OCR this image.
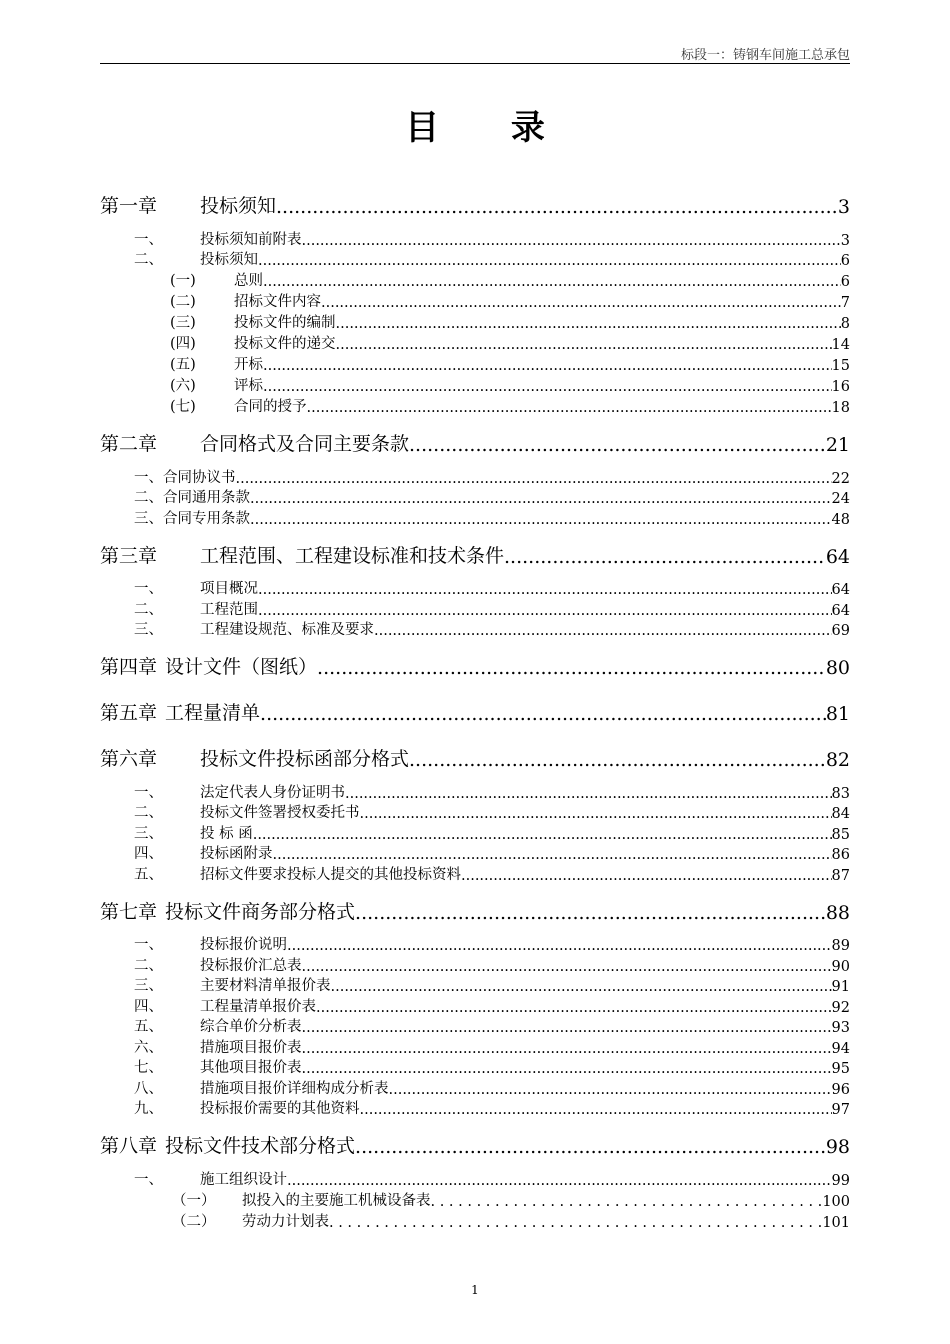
标段一：铸钢车间施工总承包
目 录
第一章	投标须知 .....	3
一、	投标须知前附表 .....	3
二、	投标须知 .....	6
(一)	总则 .....	6
(二)	招标文件内容 .....	7
(三)	投标文件的编制 .....	8
(四)	投标文件的递交 .....	14
(五)	开标 .....	15
(六)	评标 .....	16
(七)	合同的授予 .....	18
第二章	合同格式及合同主要条款 .....	21
一、 合同协议书 .....	22
二、 合同通用条款 .....	24
三、 合同专用条款 .....	48
第三章	工程范围、工程建设标准和技术条件 .....	64
一、	项目概况 .....	64
二、	工程范围 .....	64
三、	工程建设规范、标准及要求 .....	69
第四章 设计文件（图纸） .....	80
第五章 工程量清单 .....	81
第六章	投标文件投标函部分格式 .....	82
一、	法定代表人身份证明书 .....	83
二、	投标文件签署授权委托书 .....	84
三、	投 标 函 .....	85
四、	投标函附录 .....	86
五、	招标文件要求投标人提交的其他投标资料 .....	87
第七章 投标文件商务部分格式 .....	88
一、	投标报价说明 .....	89
二、	投标报价汇总表 .....	90
三、	主要材料清单报价表 .....	91
四、	工程量清单报价表 .....	92
五、	综合单价分析表 .....	93
六、	措施项目报价表 .....	94
七、	其他项目报价表 .....	95
八、	措施项目报价详细构成分析表 .....	96
九、	投标报价需要的其他资料 .....	97
第八章 投标文件技术部分格式 .....	98
一、	施工组织设计 .....	99
（一）	拟投入的主要施工机械设备表 . . .	100
（二）	劳动力计划表 . . .	101
1
